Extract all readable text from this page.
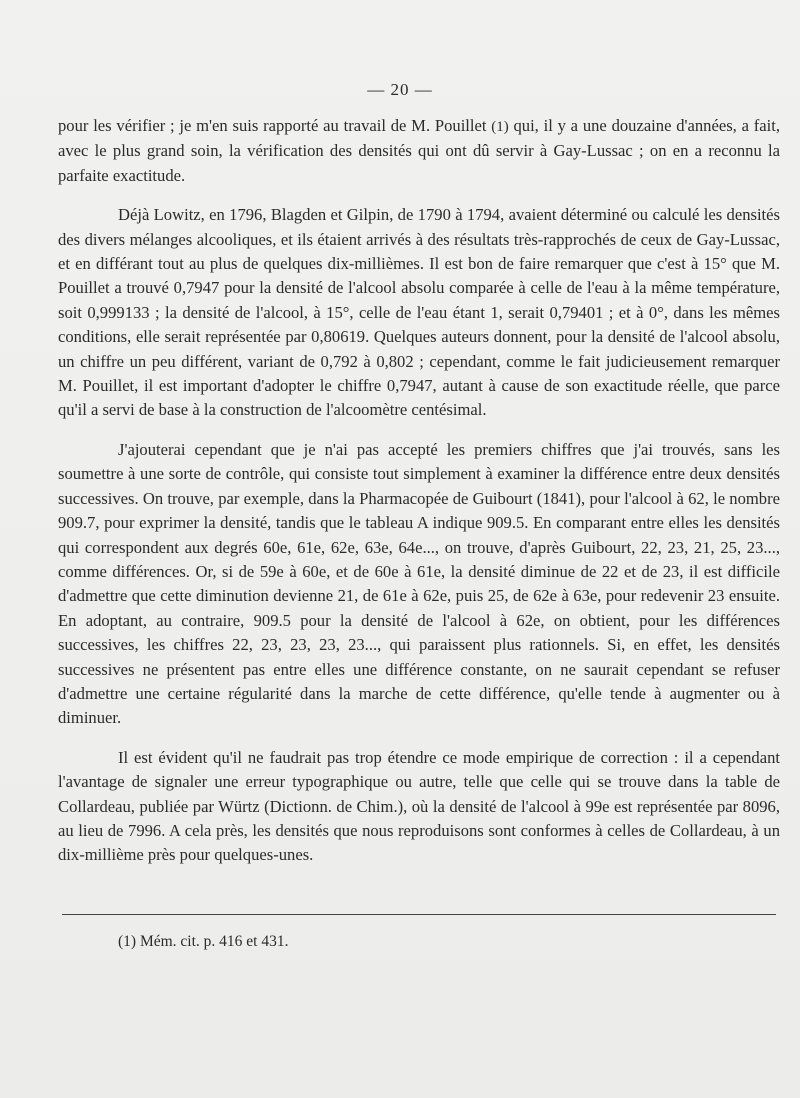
— 20 —

pour les vérifier ; je m'en suis rapporté au travail de M. Pouillet (1) qui, il y a une douzaine d'années, a fait, avec le plus grand soin, la vérification des densités qui ont dû servir à Gay-Lussac ; on en a reconnu la parfaite exactitude.

Déjà Lowitz, en 1796, Blagden et Gilpin, de 1790 à 1794, avaient déterminé ou calculé les densités des divers mélanges alcooliques, et ils étaient arrivés à des résultats très-rapprochés de ceux de Gay-Lussac, et en différant tout au plus de quelques dix-millièmes. Il est bon de faire remarquer que c'est à 15° que M. Pouillet a trouvé 0,7947 pour la densité de l'alcool absolu comparée à celle de l'eau à la même température, soit 0,999133 ; la densité de l'alcool, à 15°, celle de l'eau étant 1, serait 0,79401 ; et à 0°, dans les mêmes conditions, elle serait représentée par 0,80619. Quelques auteurs donnent, pour la densité de l'alcool absolu, un chiffre un peu différent, variant de 0,792 à 0,802 ; cependant, comme le fait judicieusement remarquer M. Pouillet, il est important d'adopter le chiffre 0,7947, autant à cause de son exactitude réelle, que parce qu'il a servi de base à la construction de l'alcoomètre centésimal.

J'ajouterai cependant que je n'ai pas accepté les premiers chiffres que j'ai trouvés, sans les soumettre à une sorte de contrôle, qui consiste tout simplement à examiner la différence entre deux densités successives. On trouve, par exemple, dans la Pharmacopée de Guibourt (1841), pour l'alcool à 62, le nombre 909.7, pour exprimer la densité, tandis que le tableau A indique 909.5. En comparant entre elles les densités qui correspondent aux degrés 60e, 61e, 62e, 63e, 64e..., on trouve, d'après Guibourt, 22, 23, 21, 25, 23..., comme différences. Or, si de 59e à 60e, et de 60e à 61e, la densité diminue de 22 et de 23, il est difficile d'admettre que cette diminution devienne 21, de 61e à 62e, puis 25, de 62e à 63e, pour redevenir 23 ensuite. En adoptant, au contraire, 909.5 pour la densité de l'alcool à 62e, on obtient, pour les différences successives, les chiffres 22, 23, 23, 23, 23..., qui paraissent plus rationnels. Si, en effet, les densités successives ne présentent pas entre elles une différence constante, on ne saurait cependant se refuser d'admettre une certaine régularité dans la marche de cette différence, qu'elle tende à augmenter ou à diminuer.

Il est évident qu'il ne faudrait pas trop étendre ce mode empirique de correction : il a cependant l'avantage de signaler une erreur typographique ou autre, telle que celle qui se trouve dans la table de Collardeau, publiée par Würtz (Dictionn. de Chim.), où la densité de l'alcool à 99e est représentée par 8096, au lieu de 7996. A cela près, les densités que nous reproduisons sont conformes à celles de Collardeau, à un dix-millième près pour quelques-unes.

(1) Mém. cit. p. 416 et 431.
